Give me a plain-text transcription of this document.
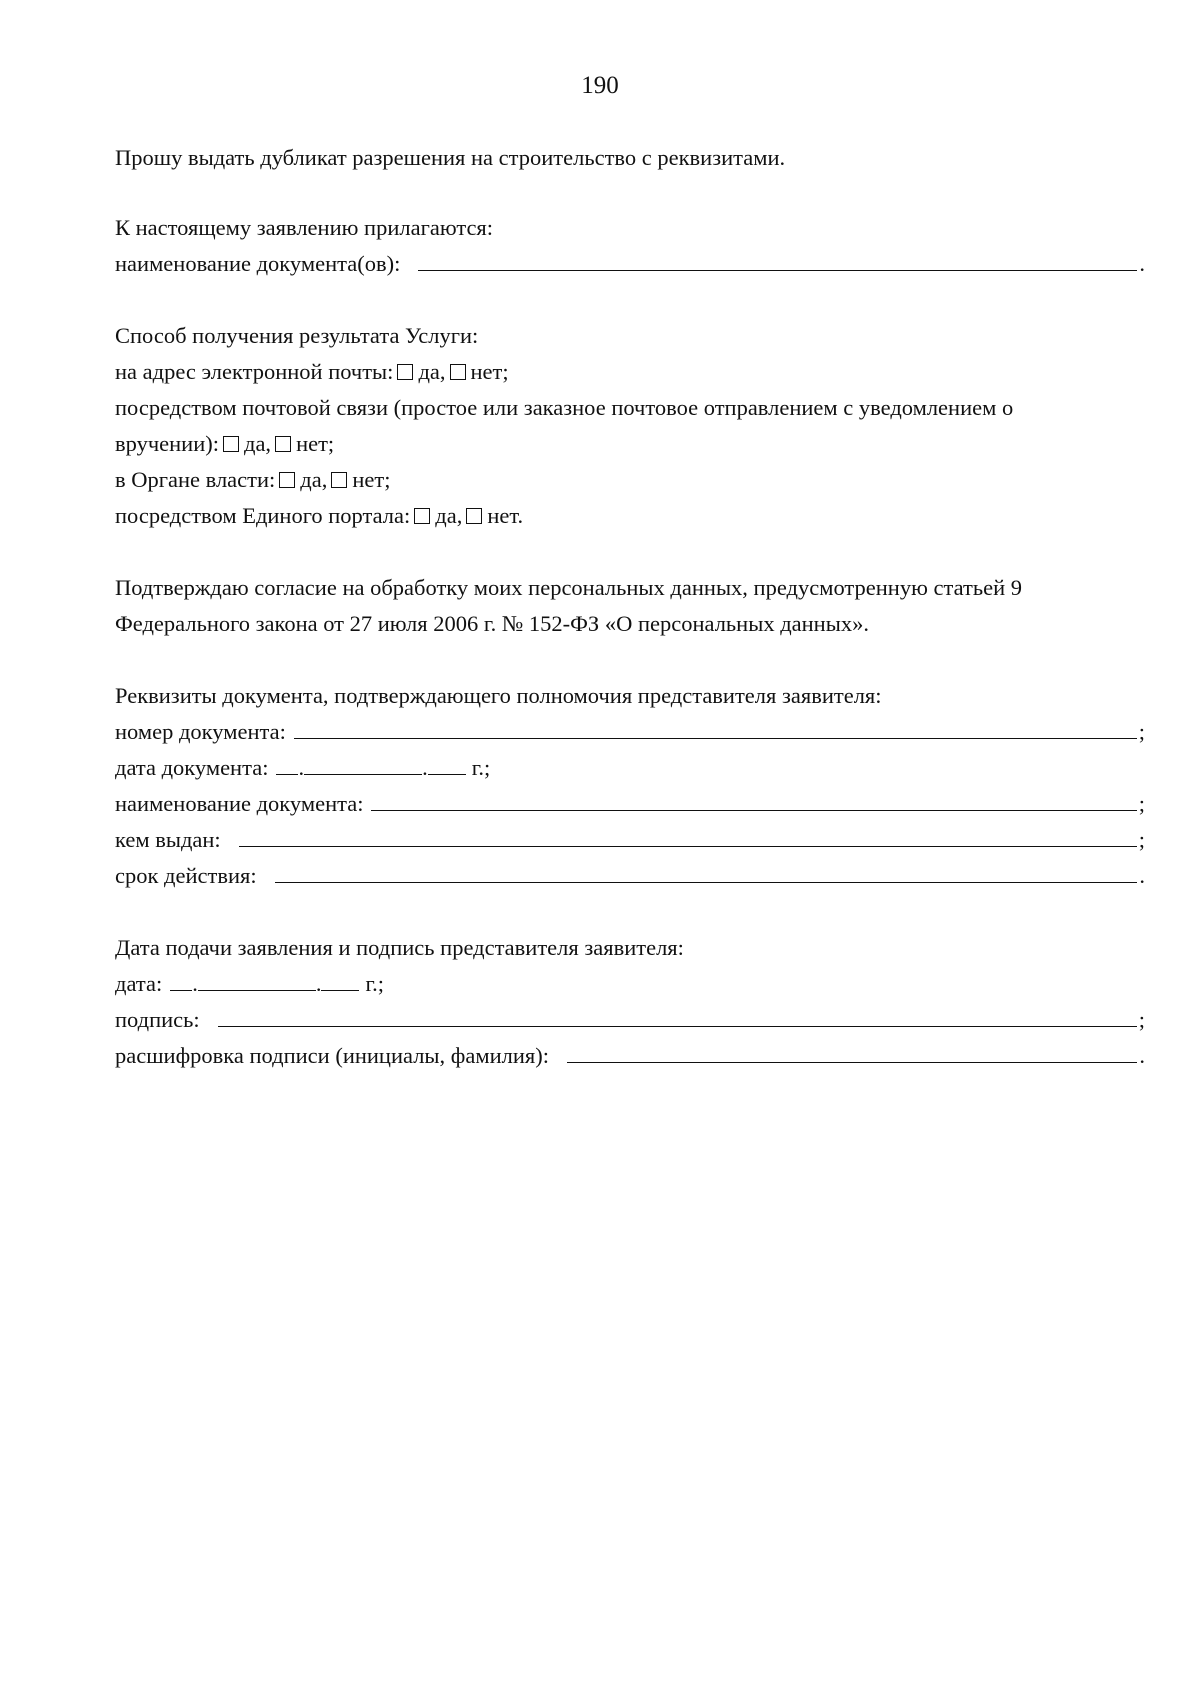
190
Прошу выдать дубликат разрешения на строительство с реквизитами.
К настоящему заявлению прилагаются:
наименование документа(ов):	.
Способ получения результата Услуги:
на адрес электронной почты: да, нет;
посредством почтовой связи (простое или заказное почтовое отправлением с уведомлением о
вручении): да, нет;
в Органе власти: да, нет;
посредством Единого портала: да, нет.
Подтверждаю согласие на обработку моих персональных данных, предусмотренную статьей 9
Федерального закона от 27 июля 2006 г. № 152-ФЗ «О персональных данных».
Реквизиты документа, подтверждающего полномочия представителя заявителя:
номер документа:	;
дата документа: .	. г.;
наименование документа:	;
кем выдан:	;
срок действия:	.
Дата подачи заявления и подпись представителя заявителя:
дата: .	. г.;
подпись:	;
расшифровка подписи (инициалы, фамилия):	.
